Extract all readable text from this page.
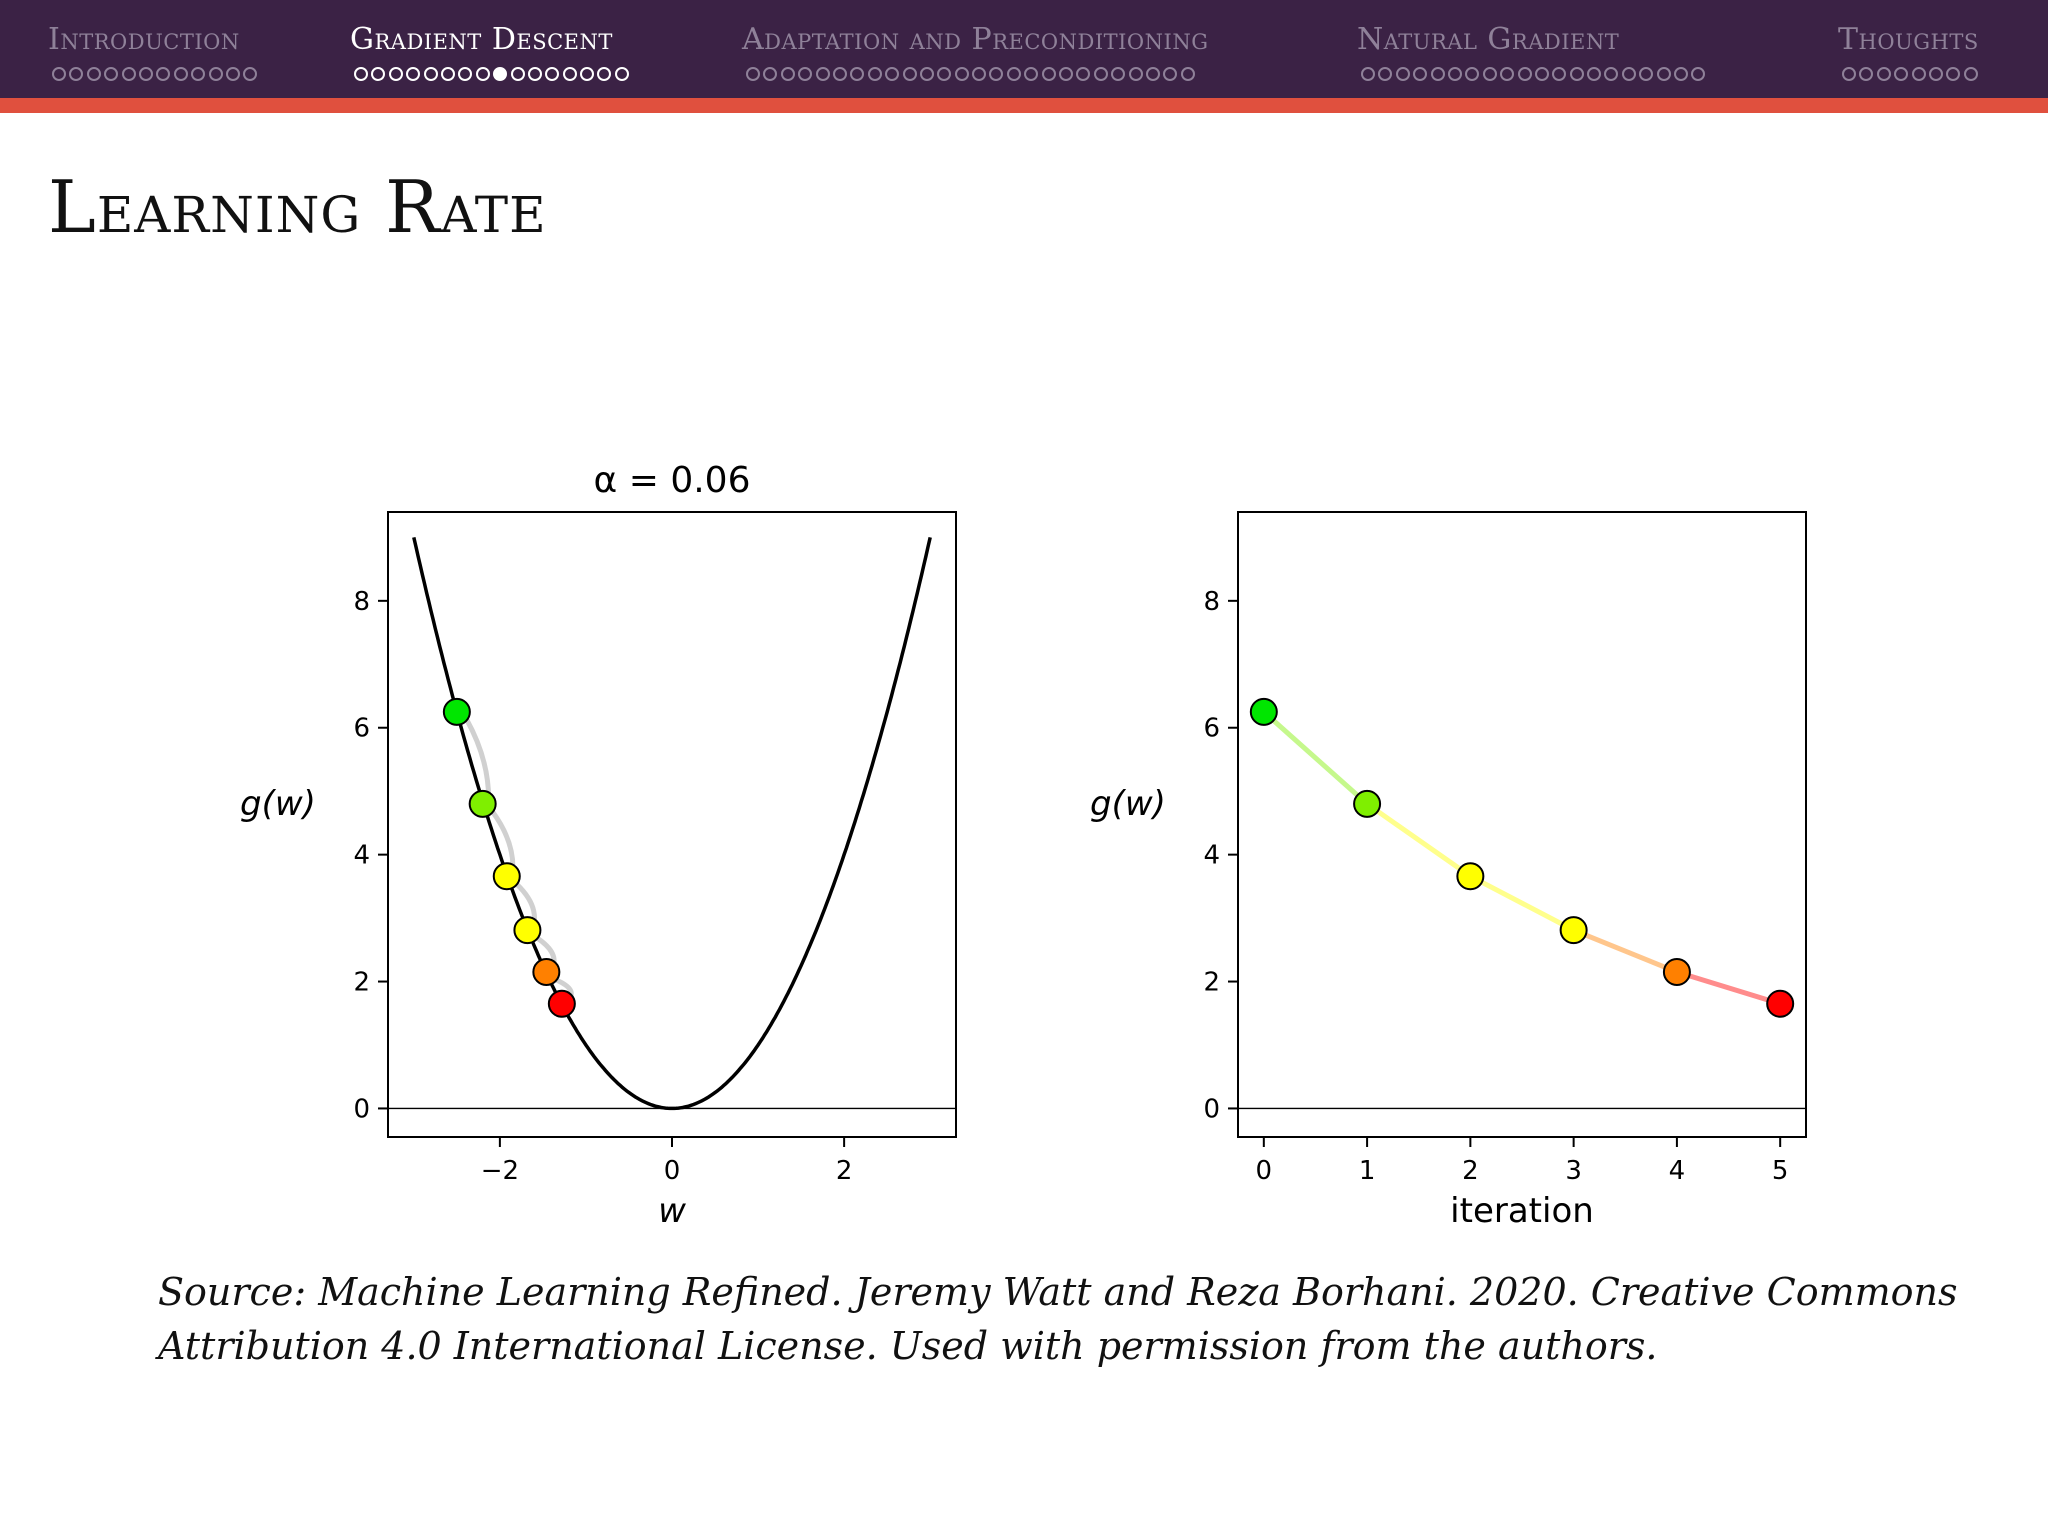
Introduction	Gradient Descent	Adaptation and Preconditioning	Natural Gradient	Thoughts
Learning Rate
α = 0.06
0
2
4
6
8
−2	0	2
g(w)
w
0
2
4
6
8
0	1	2	3	4	5
g(w)
iteration
Source: Machine Learning Refined. Jeremy Watt and Reza Borhani. 2020. Creative Commons Attribution 4.0 International License. Used with permission from the authors.
